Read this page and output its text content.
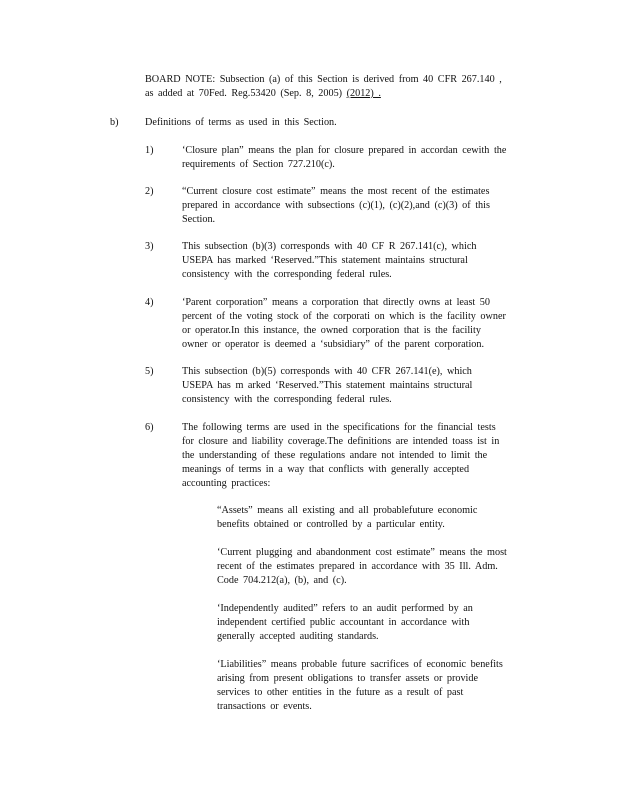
BOARD NOTE: Subsection (a) of this Section is derived from 40 CFR 267.140 ,
as added at 70Fed. Reg.53420 (Sep. 8, 2005) (2012) .
b)	Definitions of terms as used in this Section.
1)	‘Closure plan” means the plan for closure prepared in accordan cewith the
requirements of Section 727.210(c).
2)	“Current closure cost estimate” means the most recent of the estimates
prepared in accordance with subsections (c)(1), (c)(2),and (c)(3) of this
Section.
3)	This subsection (b)(3) corresponds with 40 CF R 267.141(c), which
USEPA has marked ‘Reserved.”This statement maintains structural
consistency with the corresponding federal rules.
4)	‘Parent corporation” means a corporation that directly owns at least 50
percent of the voting stock of the corporati on which is the facility owner
or operator.In this instance, the owned corporation that is the facility
owner or operator is deemed a ‘subsidiary” of the parent corporation.
5)	This subsection (b)(5) corresponds with 40 CFR 267.141(e), which
USEPA has m arked ‘Reserved.”This statement maintains structural
consistency with the corresponding federal rules.
6)	The following terms are used in the specifications for the financial tests
for closure and liability coverage.The definitions are intended toass ist in
the understanding of these regulations andare not intended to limit the
meanings of terms in a way that conflicts with generally accepted
accounting practices:
“Assets” means all existing and all probablefuture economic
benefits obtained or controlled by a particular entity.
‘Current plugging and abandonment cost estimate” means the most
recent of the estimates prepared in accordance with 35 Ill. Adm.
Code 704.212(a), (b), and (c).
‘Independently audited” refers to an audit performed by an
independent certified public accountant in accordance with
generally accepted auditing standards.
‘Liabilities” means probable future sacrifices of economic benefits
arising from present obligations to transfer assets or provide
services to other entities in the future as a result of past
transactions or events.
